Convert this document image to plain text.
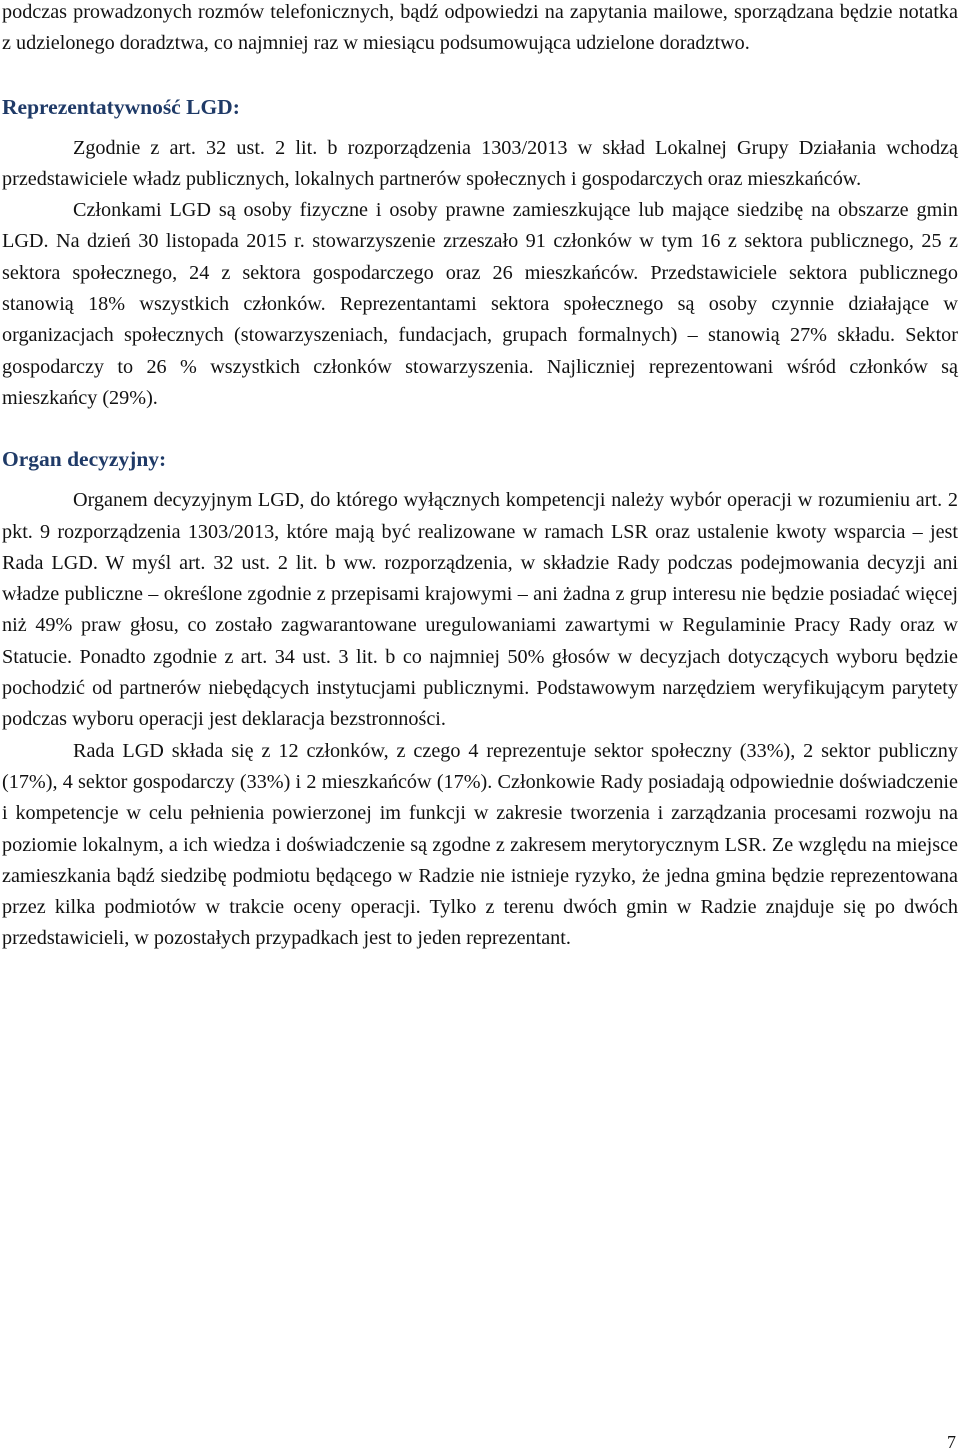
podczas prowadzonych rozmów telefonicznych, bądź odpowiedzi na zapytania mailowe, sporządzana będzie notatka z udzielonego doradztwa, co najmniej raz w miesiącu podsumowująca udzielone doradztwo.

Reprezentatywność LGD:

Zgodnie z art. 32 ust. 2 lit. b rozporządzenia 1303/2013 w skład Lokalnej Grupy Działania wchodzą przedstawiciele władz publicznych, lokalnych partnerów społecznych i gospodarczych oraz mieszkańców.

Członkami LGD są osoby fizyczne i osoby prawne zamieszkujące lub mające siedzibę na obszarze gmin LGD. Na dzień 30 listopada 2015 r. stowarzyszenie zrzeszało 91 członków w tym 16 z sektora publicznego, 25 z sektora społecznego, 24 z sektora gospodarczego oraz 26 mieszkańców. Przedstawiciele sektora publicznego stanowią 18% wszystkich członków. Reprezentantami sektora społecznego są osoby czynnie działające w organizacjach społecznych (stowarzyszeniach, fundacjach, grupach formalnych) – stanowią 27% składu. Sektor gospodarczy to 26 % wszystkich członków stowarzyszenia. Najliczniej reprezentowani wśród członków są mieszkańcy (29%).

Organ decyzyjny:

Organem decyzyjnym LGD, do którego wyłącznych kompetencji należy wybór operacji w rozumieniu art. 2 pkt. 9 rozporządzenia 1303/2013, które mają być realizowane w ramach LSR oraz ustalenie kwoty wsparcia – jest Rada LGD. W myśl art. 32 ust. 2 lit. b ww. rozporządzenia, w składzie Rady podczas podejmowania decyzji ani władze publiczne – określone zgodnie z przepisami krajowymi – ani żadna z grup interesu nie będzie posiadać więcej niż 49% praw głosu, co zostało zagwarantowane uregulowaniami zawartymi w Regulaminie Pracy Rady oraz w Statucie. Ponadto zgodnie z art. 34 ust. 3 lit. b co najmniej 50% głosów w decyzjach dotyczących wyboru będzie pochodzić od partnerów niebędących instytucjami publicznymi. Podstawowym narzędziem weryfikującym parytety podczas wyboru operacji jest deklaracja bezstronności.

Rada LGD składa się z 12 członków, z czego 4 reprezentuje sektor społeczny (33%), 2 sektor publiczny (17%), 4 sektor gospodarczy (33%) i 2 mieszkańców (17%). Członkowie Rady posiadają odpowiednie doświadczenie i kompetencje w celu pełnienia powierzonej im funkcji w zakresie tworzenia i zarządzania procesami rozwoju na poziomie lokalnym, a ich wiedza i doświadczenie są zgodne z zakresem merytorycznym LSR. Ze względu na miejsce zamieszkania bądź siedzibę podmiotu będącego w Radzie nie istnieje ryzyko, że jedna gmina będzie reprezentowana przez kilka podmiotów w trakcie oceny operacji. Tylko z terenu dwóch gmin w Radzie znajduje się po dwóch przedstawicieli, w pozostałych przypadkach jest to jeden reprezentant.

7
